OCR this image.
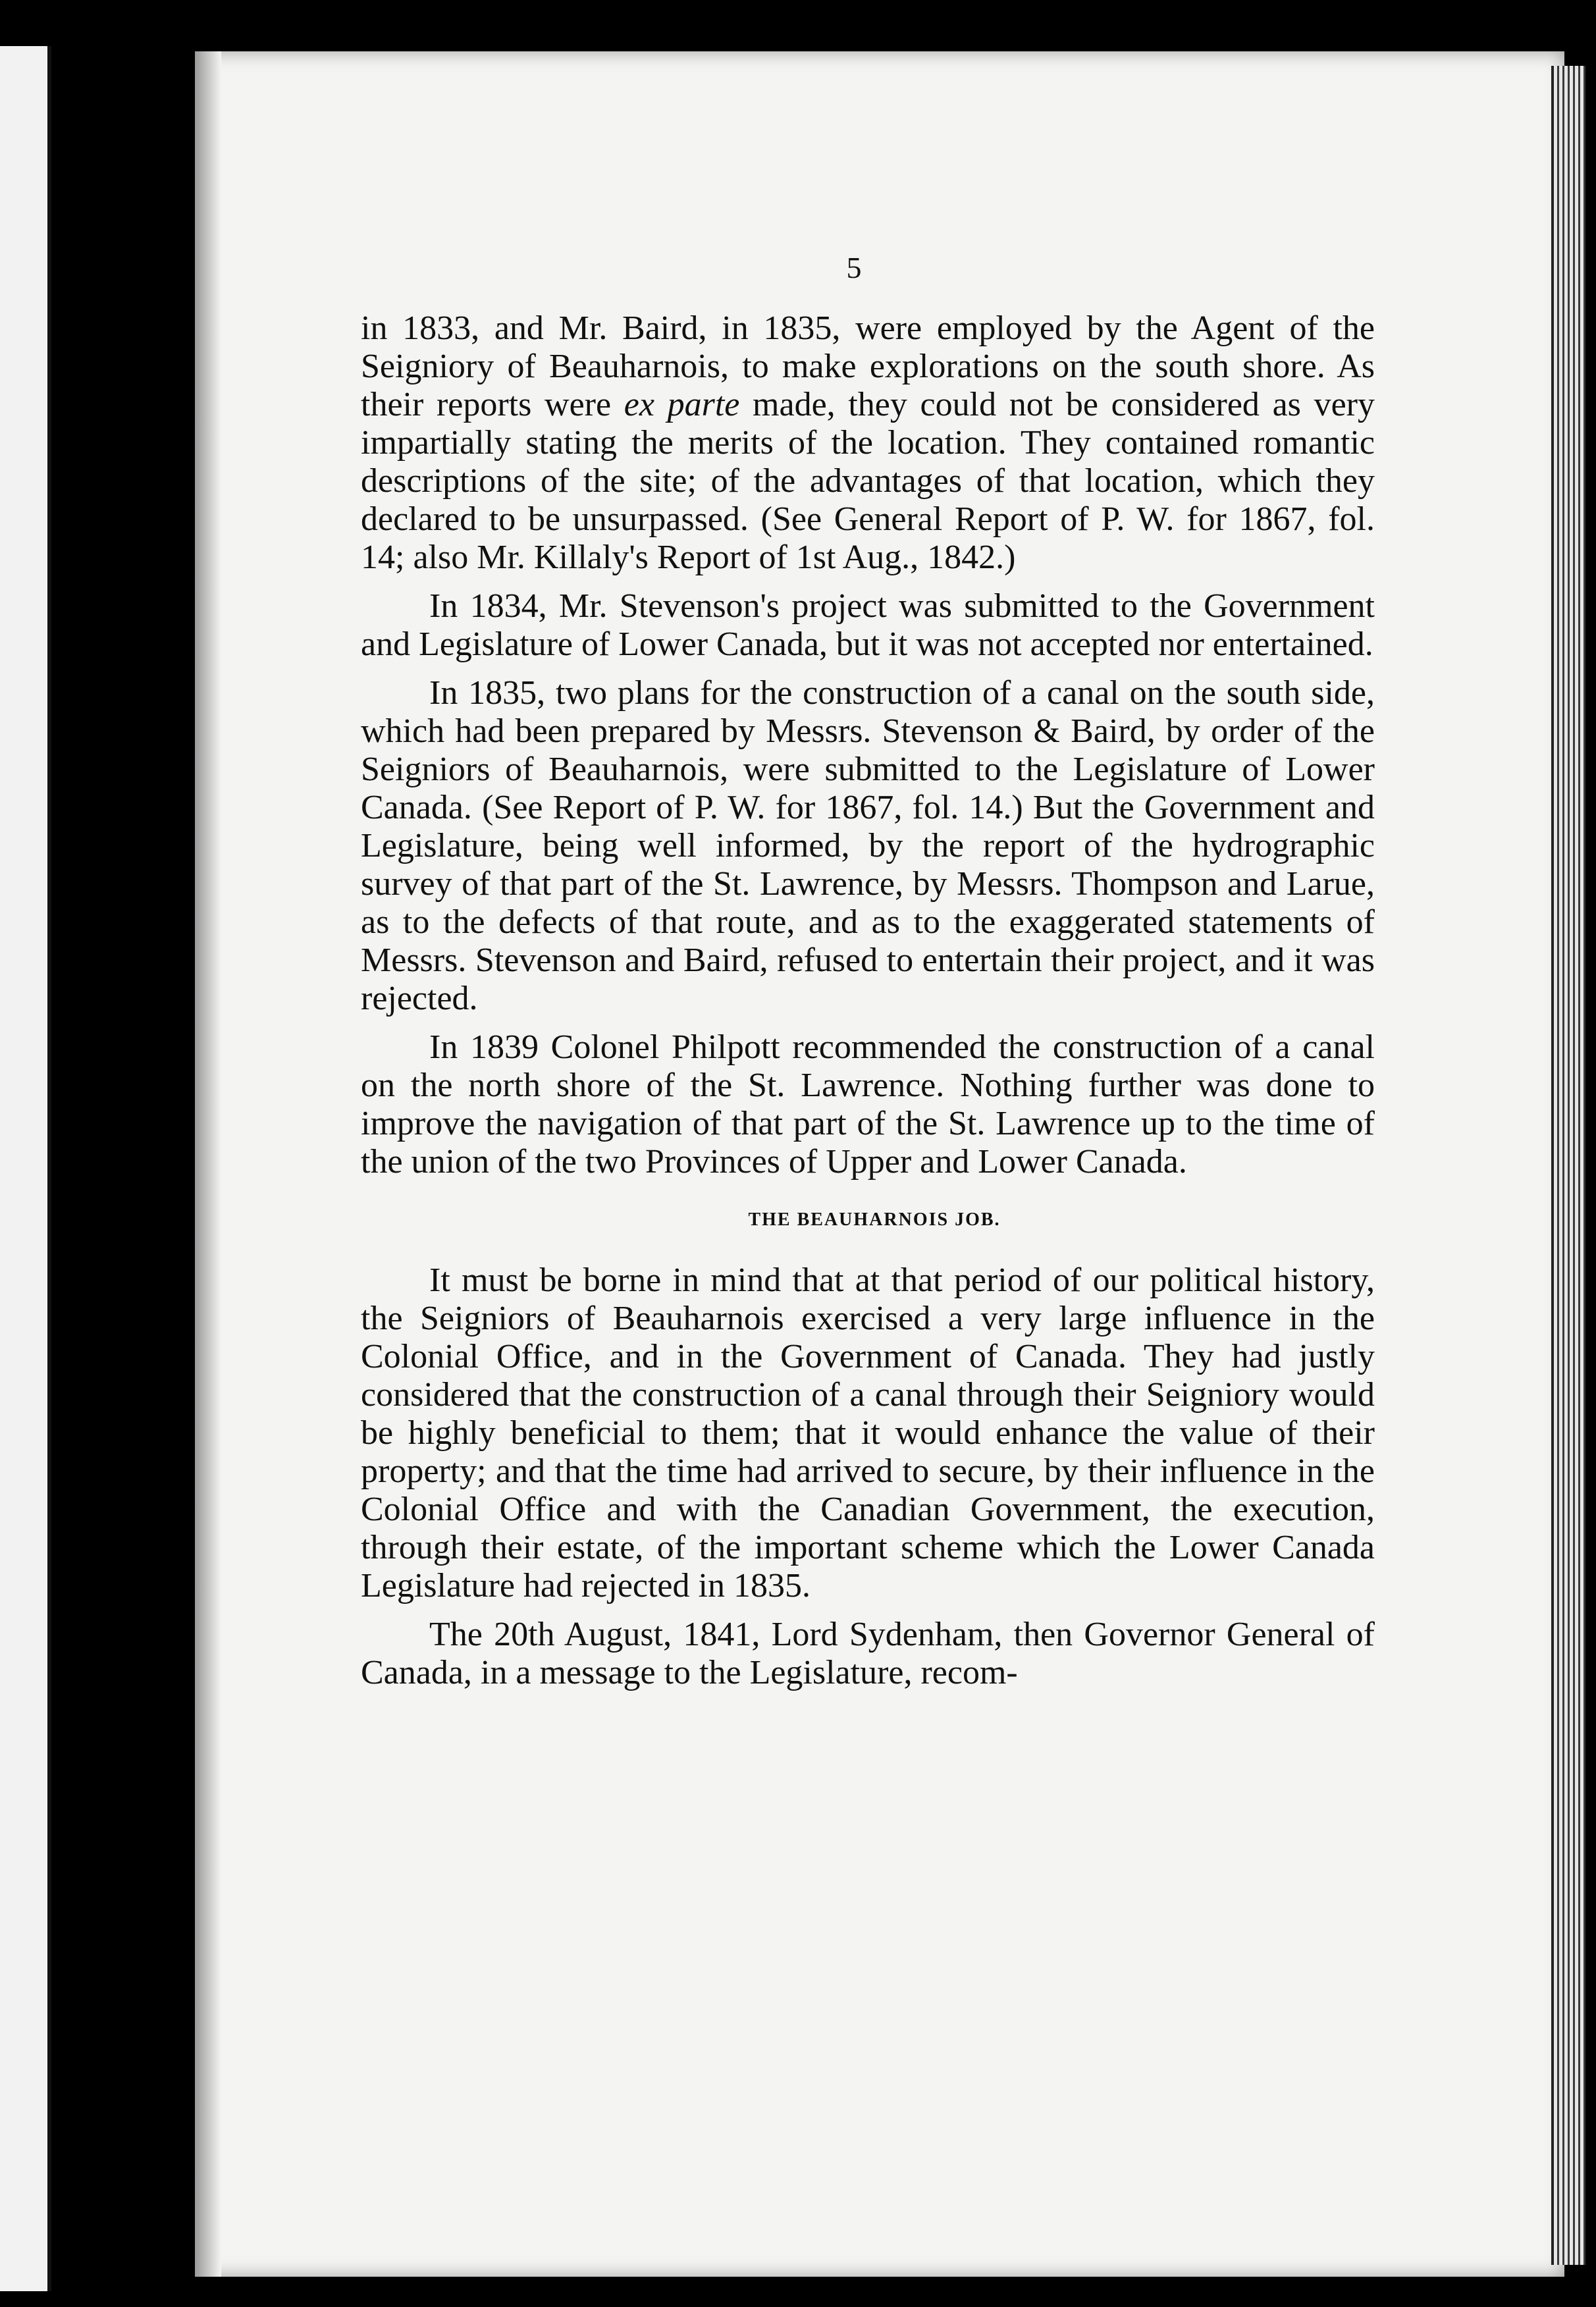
5

in 1833, and Mr. Baird, in 1835, were employed by the Agent of the Seigniory of Beauharnois, to make explorations on the south shore. As their reports were ex parte made, they could not be considered as very impartially stating the merits of the location. They contained romantic descriptions of the site; of the advantages of that location, which they declared to be unsurpassed. (See General Report of P. W. for 1867, fol. 14; also Mr. Killaly's Report of 1st Aug., 1842.)

In 1834, Mr. Stevenson's project was submitted to the Government and Legislature of Lower Canada, but it was not accepted nor entertained.

In 1835, two plans for the construction of a canal on the south side, which had been prepared by Messrs. Stevenson & Baird, by order of the Seigniors of Beauharnois, were submitted to the Legislature of Lower Canada. (See Report of P. W. for 1867, fol. 14.) But the Government and Legislature, being well informed, by the report of the hydrographic survey of that part of the St. Lawrence, by Messrs. Thompson and Larue, as to the defects of that route, and as to the exaggerated statements of Messrs. Stevenson and Baird, refused to entertain their project, and it was rejected.

In 1839 Colonel Philpott recommended the construction of a canal on the north shore of the St. Lawrence. Nothing further was done to improve the navigation of that part of the St. Lawrence up to the time of the union of the two Provinces of Upper and Lower Canada.

THE BEAUHARNOIS JOB.

It must be borne in mind that at that period of our political history, the Seigniors of Beauharnois exercised a very large influence in the Colonial Office, and in the Government of Canada. They had justly considered that the construction of a canal through their Seigniory would be highly beneficial to them; that it would enhance the value of their property; and that the time had arrived to secure, by their influence in the Colonial Office and with the Canadian Government, the execution, through their estate, of the important scheme which the Lower Canada Legislature had rejected in 1835.

The 20th August, 1841, Lord Sydenham, then Governor General of Canada, in a message to the Legislature, recom-
